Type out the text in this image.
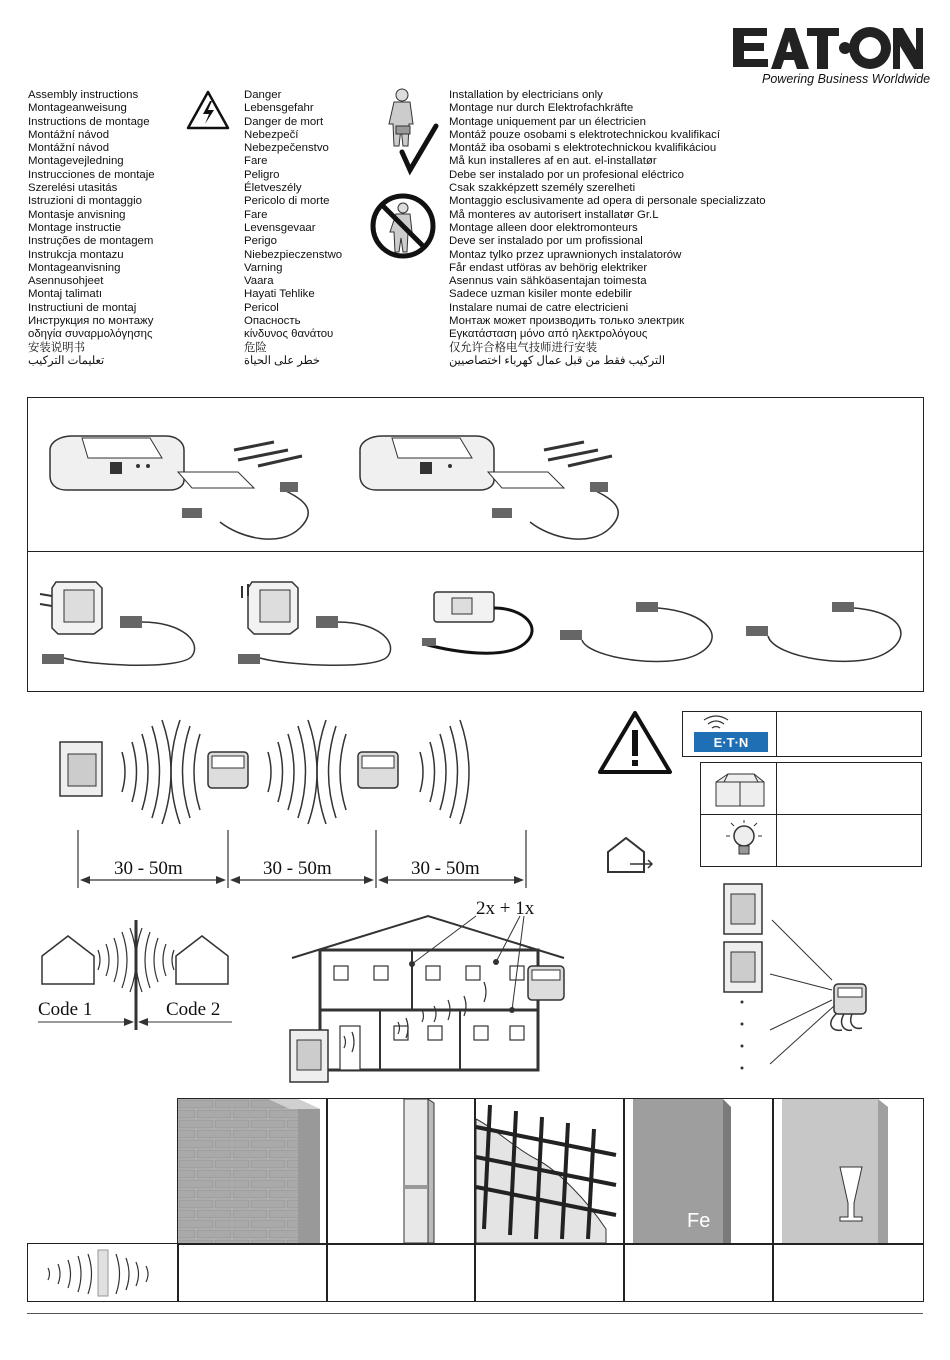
Powering Business Worldwide
Assembly instructions
Montageanweisung
Instructions de montage
Montážní návod
Montážní návod
Montagevejledning
Instrucciones de montaje
Szerelési utasitás
Istruzioni di montaggio
Montasje anvisning
Montage instructie
Instruções de montagem
Instrukcja montazu
Montageanvisning
Asennusohjeet
Montaj talimatı
Instructiuni de montaj
Инструкция по монтажу
οδηγία συναρμολόγησης
安装说明书
تعليمات التركيب
Danger
Lebensgefahr
Danger de mort
Nebezpečí
Nebezpečenstvo
Fare
Peligro
Életveszély
Pericolo di morte
Fare
Levensgevaar
Perigo
Niebezpieczenstwo
Varning
Vaara
Hayati Tehlike
Pericol
Опасность
κίνδυνος θανάτου
危险
خطر على الحياة
Installation by electricians only
Montage nur durch Elektrofachkräfte
Montage uniquement par un électricien
Montáž pouze osobami s elektrotechnickou kvalifikací
Montáž iba osobami s elektrotechnickou kvalifikáciou
Må kun installeres af en aut. el-installatør
Debe ser instalado por un profesional eléctrico
Csak szakképzett személy szerelheti
Montaggio esclusivamente ad opera di personale specializzato
Må monteres av autorisert installatør Gr.L
Montage alleen door elektromonteurs
Deve ser instalado por um profissional
Montaz tylko przez uprawnionych instalatorów
Får endast utföras av behörig elektriker
Asennus vain sähköasentajan toimesta
Sadece uzman kisiler monte edebilir
Instalare numai de catre electricieni
Монтаж может производить только электрик
Εγκατάσταση μόνο από ηλεκτρολόγους
仅允许合格电气技师进行安装
التركيب فقط من قبل عمال كهرباء اختصاصيين
30 - 50m	30 - 50m	30 - 50m
E·T·N
Code 1	Code 2
2x + 1x
Fe
